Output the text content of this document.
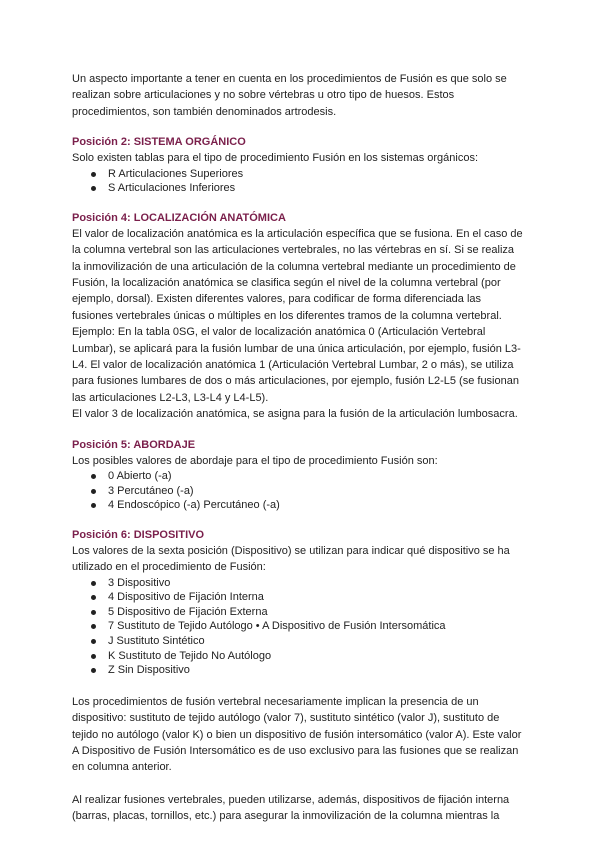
Un aspecto importante a tener en cuenta en los procedimientos de Fusión es que solo se realizan sobre articulaciones y no sobre vértebras u otro tipo de huesos. Estos procedimientos, son también denominados artrodesis.

Posición 2: SISTEMA ORGÁNICO

Solo existen tablas para el tipo de procedimiento Fusión en los sistemas orgánicos:

R Articulaciones Superiores
S Articulaciones Inferiores
Posición 4: LOCALIZACIÓN ANATÓMICA

El valor de localización anatómica es la articulación específica que se fusiona. En el caso de la columna vertebral son las articulaciones vertebrales, no las vértebras en sí. Si se realiza la inmovilización de una articulación de la columna vertebral mediante un procedimiento de Fusión, la localización anatómica se clasifica según el nivel de la columna vertebral (por ejemplo, dorsal). Existen diferentes valores, para codificar de forma diferenciada las fusiones vertebrales únicas o múltiples en los diferentes tramos de la columna vertebral. Ejemplo: En la tabla 0SG, el valor de localización anatómica 0 (Articulación Vertebral Lumbar), se aplicará para la fusión lumbar de una única articulación, por ejemplo, fusión L3-L4. El valor de localización anatómica 1 (Articulación Vertebral Lumbar, 2 o más), se utiliza para fusiones lumbares de dos o más articulaciones, por ejemplo, fusión L2-L5 (se fusionan las articulaciones L2-L3, L3-L4 y L4-L5).

El valor 3 de localización anatómica, se asigna para la fusión de la articulación lumbosacra.

Posición 5: ABORDAJE

Los posibles valores de abordaje para el tipo de procedimiento Fusión son:

0 Abierto (-a)
3 Percutáneo (-a)
4 Endoscópico (-a) Percutáneo (-a)
Posición 6: DISPOSITIVO

Los valores de la sexta posición (Dispositivo) se utilizan para indicar qué dispositivo se ha utilizado en el procedimiento de Fusión:

3 Dispositivo
4 Dispositivo de Fijación Interna
5 Dispositivo de Fijación Externa
7 Sustituto de Tejido Autólogo • A Dispositivo de Fusión Intersomática
J Sustituto Sintético
K Sustituto de Tejido No Autólogo
Z Sin Dispositivo

Los procedimientos de fusión vertebral necesariamente implican la presencia de un dispositivo: sustituto de tejido autólogo (valor 7), sustituto sintético (valor J), sustituto de tejido no autólogo (valor K) o bien un dispositivo de fusión intersomático (valor A). Este valor A Dispositivo de Fusión Intersomático es de uso exclusivo para las fusiones que se realizan en columna anterior.

Al realizar fusiones vertebrales, pueden utilizarse, además, dispositivos de fijación interna (barras, placas, tornillos, etc.) para asegurar la inmovilización de la columna mientras la
